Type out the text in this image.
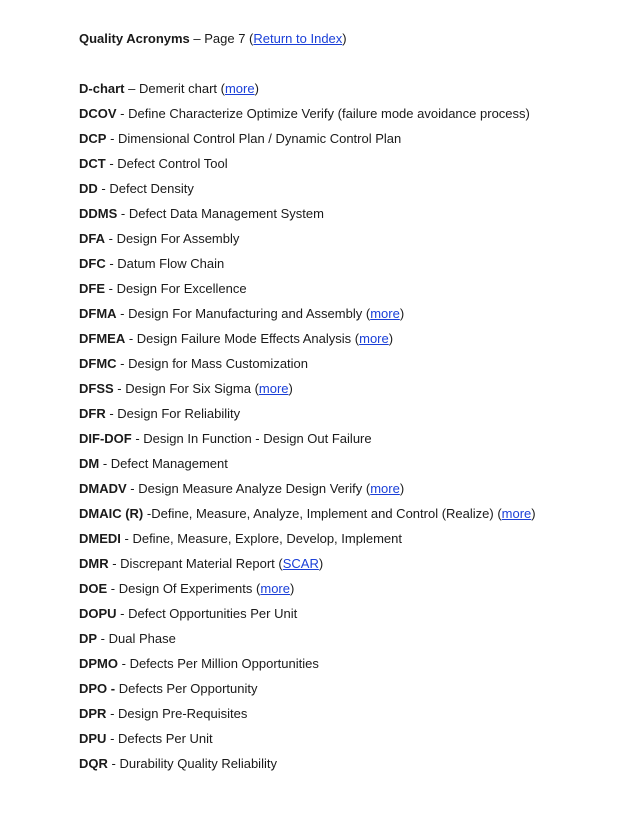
Quality Acronyms – Page 7 (Return to Index)
D-chart – Demerit chart (more)
DCOV - Define Characterize Optimize Verify (failure mode avoidance process)
DCP - Dimensional Control Plan / Dynamic Control Plan
DCT - Defect Control Tool
DD - Defect Density
DDMS - Defect Data Management System
DFA - Design For Assembly
DFC - Datum Flow Chain
DFE - Design For Excellence
DFMA - Design For Manufacturing and Assembly (more)
DFMEA - Design Failure Mode Effects Analysis (more)
DFMC - Design for Mass Customization
DFSS - Design For Six Sigma (more)
DFR - Design For Reliability
DIF-DOF - Design In Function - Design Out Failure
DM - Defect Management
DMADV - Design Measure Analyze Design Verify (more)
DMAIC (R) -Define, Measure, Analyze, Implement and Control (Realize) (more)
DMEDI - Define, Measure, Explore, Develop, Implement
DMR - Discrepant Material Report (SCAR)
DOE - Design Of Experiments (more)
DOPU - Defect Opportunities Per Unit
DP - Dual Phase
DPMO - Defects Per Million Opportunities
DPO - Defects Per Opportunity
DPR - Design Pre-Requisites
DPU - Defects Per Unit
DQR - Durability Quality Reliability
